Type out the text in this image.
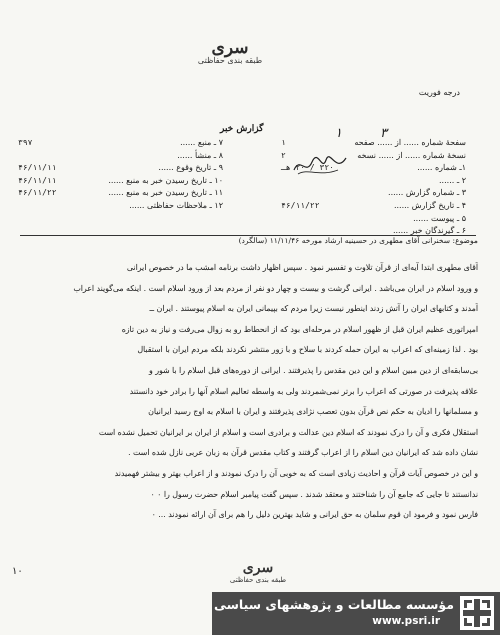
سری
طبقه بندی حفاظتی
درجه فوریت
گزارش خبر
سفحهٔ شماره ...... از ...... صفحه
۱
نسخهٔ شماره ...... از ...... نسخه
۲
۱ـ شماره ......
۳۲۰ / ۲۰ هـ
۲ ـ ......
۳ ـ شماره گزارش ......
۴ ـ تاریخ گزارش ......
۴۶/۱۱/۲۲
۵ ـ پیوست ......
۶ ـ گیرندگان خبر ......
۷ ـ منبع ......
۳۹۷
۸ ـ منشأ ......
۹ ـ تاریخ وقوع ......
۴۶/۱۱/۱۱
۱۰ ـ تاریخ رسیدن خبر به منبع ......
۴۶/۱۱/۱۱
۱۱ ـ تاریخ رسیدن خبر به منبع ......
۴۶/۱۱/۲۲
۱۲ ـ ملاحظات حفاظتی ......
۱	۳
موضوع: سخنرانی آقای مطهری در حسینیه ارشاد مورخه ۱۱/۱۱/۴۶ (سالگرد)
آقای مطهری ابتدا آیه‌ای از قرآن تلاوت و تفسیر نمود . سپس اظهار داشت برنامه امشب ما در خصوص ایرانی
و ورود اسلام در ایران می‌باشد . ایرانی گرشت و بیست و چهار دو نفر از مردم بعد از ورود اسلام است . اینکه می‌گویند اعراب
آمدند و کتابهای ایران را آتش زدند اینطور نیست زیرا مردم که بپیمانی ایران به اسلام پیوستند . ایران ــ
امپراتوری عظیم ایران قبل از ظهور اسلام در مرحله‌ای بود که از انحطاط رو به زوال می‌رفت و نیاز به دین تازه
بود . لذا زمینه‌ای که اعراب به ایران حمله کردند با سلاح و با زور منتشر نکردند بلکه مردم ایران با استقبال
بی‌سابقه‌ای از دین مبین اسلام و این دین مقدس را پذیرفتند . ایرانی از دوره‌های قبل اسلام را با شور و
علاقه پذیرفت در صورتی که اعراب را برتر نمی‌شمردند ولی به واسطه تعالیم اسلام آنها را برادر خود دانستند
و مسلمانها را ادیان به حکم نص قرآن بدون تعصب نژادی پذیرفتند و ایران با اسلام به اوج رسید ایرانیان
استقلال فکری و آن را درک نمودند که اسلام دین عدالت و برادری است و اسلام از ایران بر ایرانیان تحمیل نشده است
نشان داده شد که ایرانیان دین اسلام را از اعراب گرفتند و کتاب مقدس قرآن به زبان عربی نازل شده است .
و این در خصوص آیات قرآن و احادیث زیادی است که به خوبی آن را درک نمودند و از اعراب بهتر و بیشتر فهمیدند
ندانستند تا جایی که جامع آن را شناختند و معتقد شدند . سپس گفت پیامبر اسلام حضرت رسول را ۰ ۰
فارس نمود و فرمود ان قوم سلمان به حق ایرانی و شاید بهترین دلیل را هم برای آن ارائه نمودند ... ۰
۱۰	سری
طبقه بندی حفاظتی
مؤسسه مطالعات و پژوهشهای سیاسی
www.psri.ir
